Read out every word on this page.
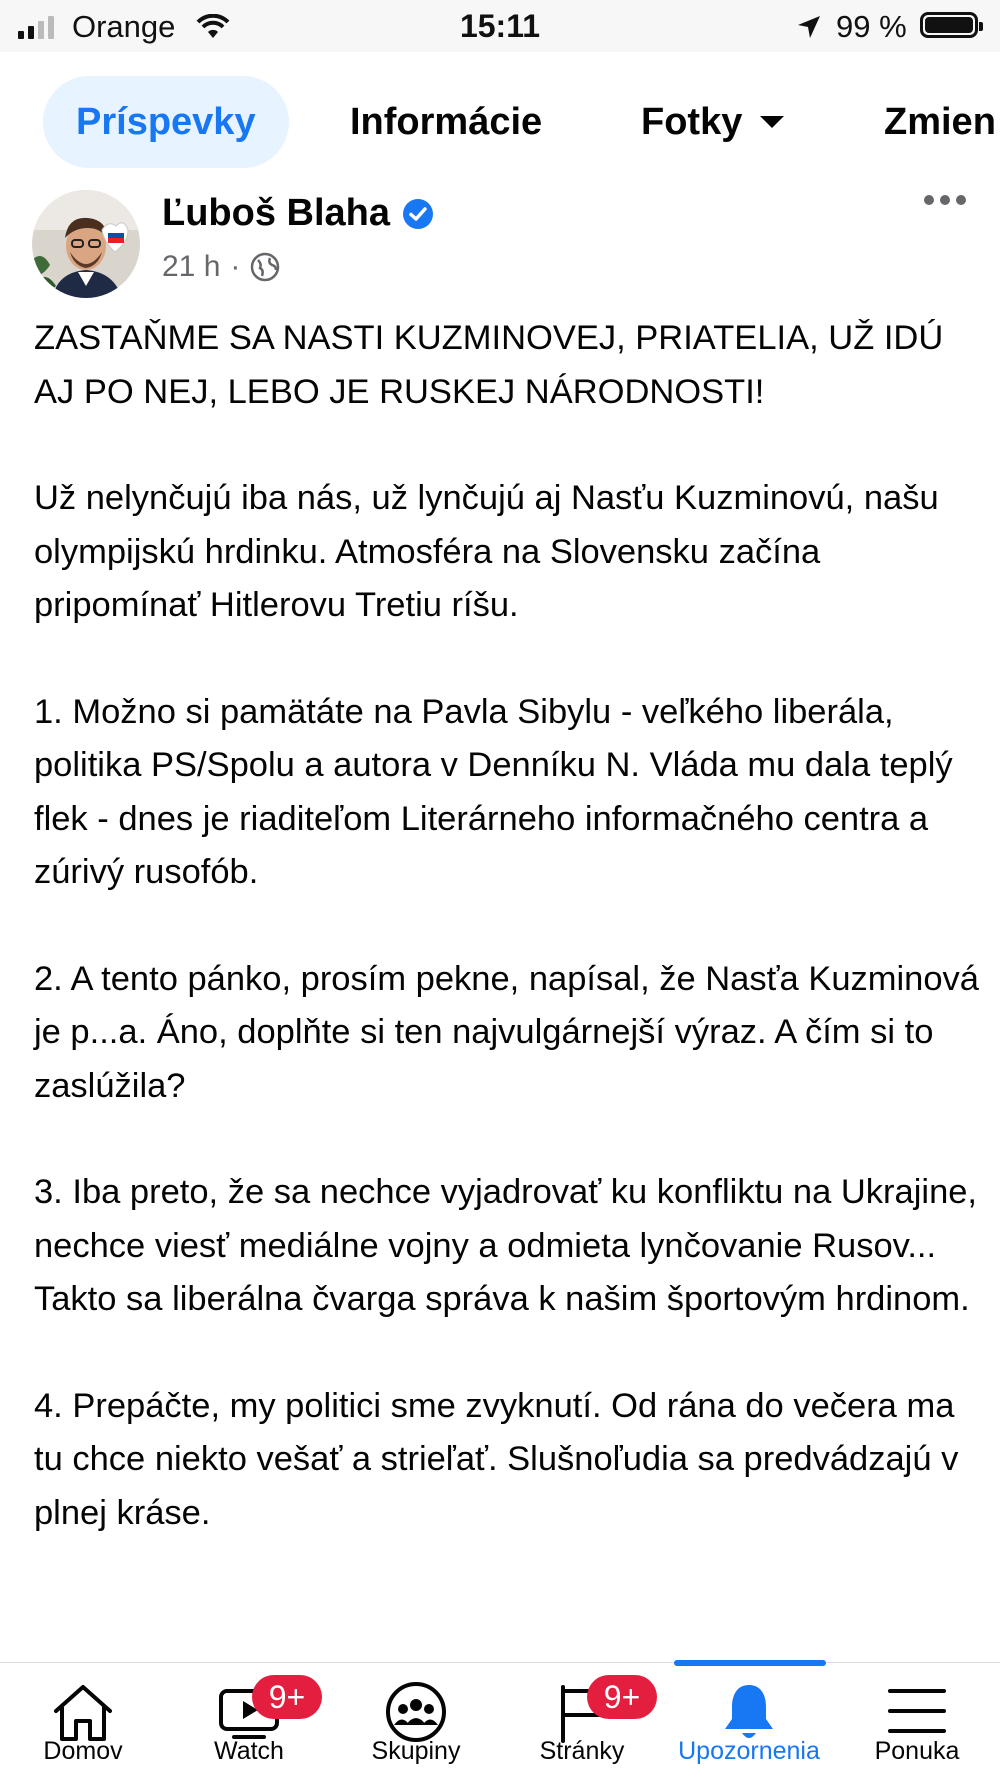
Orange	15:11	99 %
Príspevky	Informácie	Fotky	Zmien
Ľuboš Blaha
21 h ·

ZASTAŇME SA NASTI KUZMINOVEJ, PRIATELIA, UŽ IDÚ AJ PO NEJ, LEBO JE RUSKEJ NÁRODNOSTI!

Už nelynčujú iba nás, už lynčujú aj Nasťu Kuzminovú, našu olympijskú hrdinku. Atmosféra na Slovensku začína pripomínať Hitlerovu Tretiu ríšu.

1. Možno si pamätáte na Pavla Sibylu - veľkého liberála, politika PS/Spolu a autora v Denníku N. Vláda mu dala teplý flek - dnes je riaditeľom Literárneho informačného centra a zúrivý rusofób.

2. A tento pánko, prosím pekne, napísal, že Nasťa Kuzminová je p...a. Áno, doplňte si ten najvulgárnejší výraz. A čím si to zaslúžila?

3. Iba preto, že sa nechce vyjadrovať ku konfliktu na Ukrajine, nechce viesť mediálne vojny a odmieta lynčovanie Rusov... Takto sa liberálna čvarga správa k našim športovým hrdinom.

4. Prepáčte, my politici sme zvyknutí. Od rána do večera ma tu chce niekto vešať a strieľať. Slušnoľudia sa predvádzajú v plnej kráse.

Domov
9+
Watch	Skupiny
9+
Stránky	Upozornenia	Ponuka
